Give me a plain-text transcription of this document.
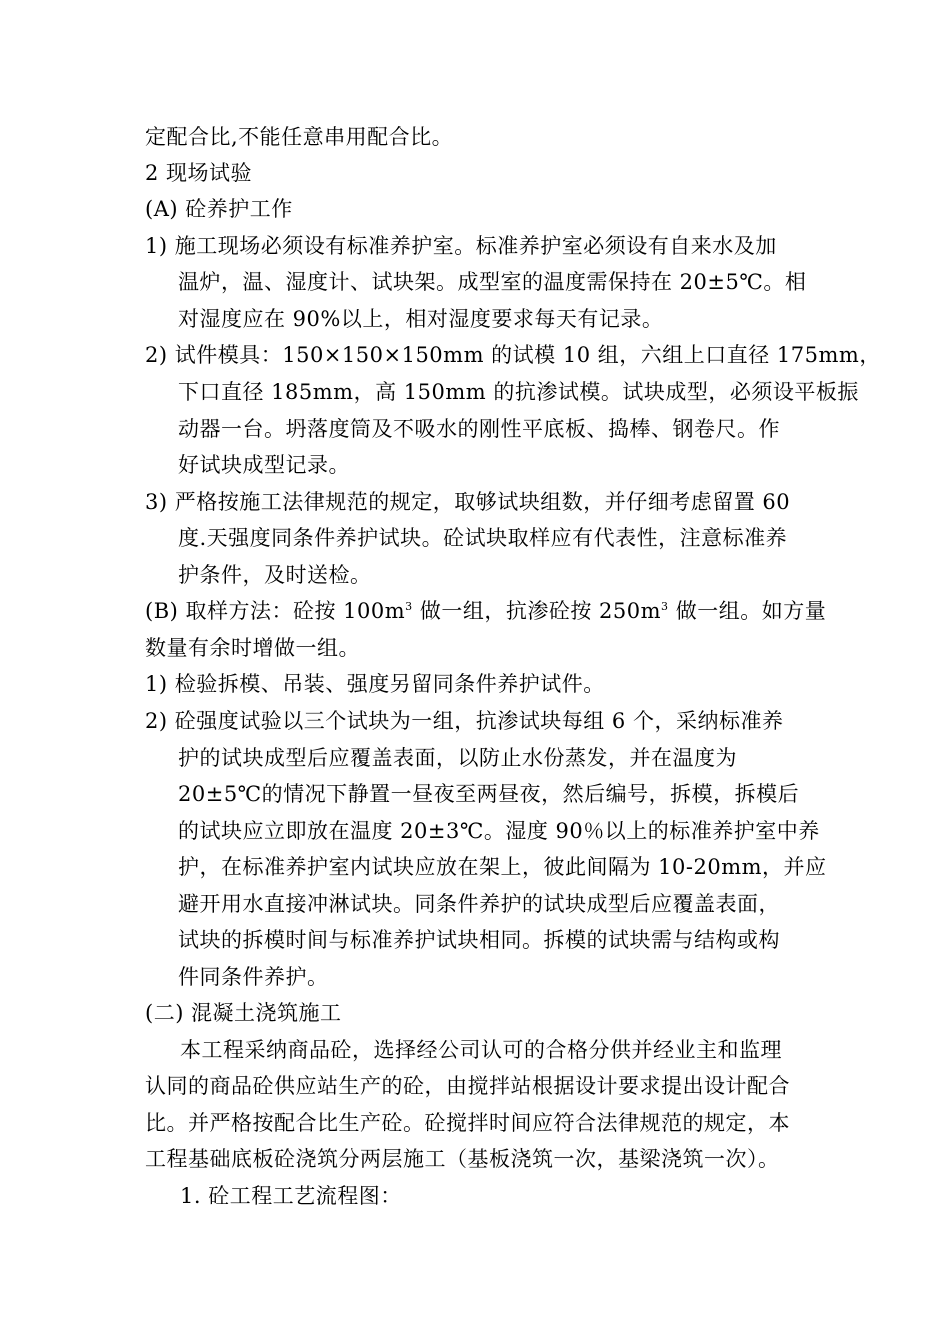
定配合比,不能任意串用配合比。
2 现场试验
(A) 砼养护工作
1) 施工现场必须设有标准养护室。标准养护室必须设有自来水及加
温炉，温、湿度计、试块架。成型室的温度需保持在 20±5℃。相
对湿度应在 90%以上，相对湿度要求每天有记录。
2) 试件模具：150×150×150mm 的试模 10 组，六组上口直径 175mm，
下口直径 185mm，高 150mm 的抗渗试模。试块成型，必须设平板振
动器一台。坍落度筒及不吸水的刚性平底板、捣棒、钢卷尺。作
好试块成型记录。
3) 严格按施工法律规范的规定，取够试块组数，并仔细考虑留置 60
度.天强度同条件养护试块。砼试块取样应有代表性，注意标准养
护条件，及时送检。
(B) 取样方法：砼按 $100m^3$ 做一组，抗渗砼按 $250m^3$ 做一组。如方量
数量有余时增做一组。
1) 检验拆模、吊装、强度另留同条件养护试件。
2) 砼强度试验以三个试块为一组，抗渗试块每组 6 个，采纳标准养
护的试块成型后应覆盖表面，以防止水份蒸发，并在温度为
20±5℃的情况下静置一昼夜至两昼夜，然后编号，拆模，拆模后
的试块应立即放在温度 20±3℃。湿度 90％以上的标准养护室中养
护，在标准养护室内试块应放在架上，彼此间隔为 10-20mm，并应
避开用水直接冲淋试块。同条件养护的试块成型后应覆盖表面，
试块的拆模时间与标准养护试块相同。拆模的试块需与结构或构
件同条件养护。
(二) 混凝土浇筑施工
本工程采纳商品砼，选择经公司认可的合格分供并经业主和监理
认同的商品砼供应站生产的砼，由搅拌站根据设计要求提出设计配合
比。并严格按配合比生产砼。砼搅拌时间应符合法律规范的规定，本
工程基础底板砼浇筑分两层施工（基板浇筑一次，基梁浇筑一次）。
1. 砼工程工艺流程图：
